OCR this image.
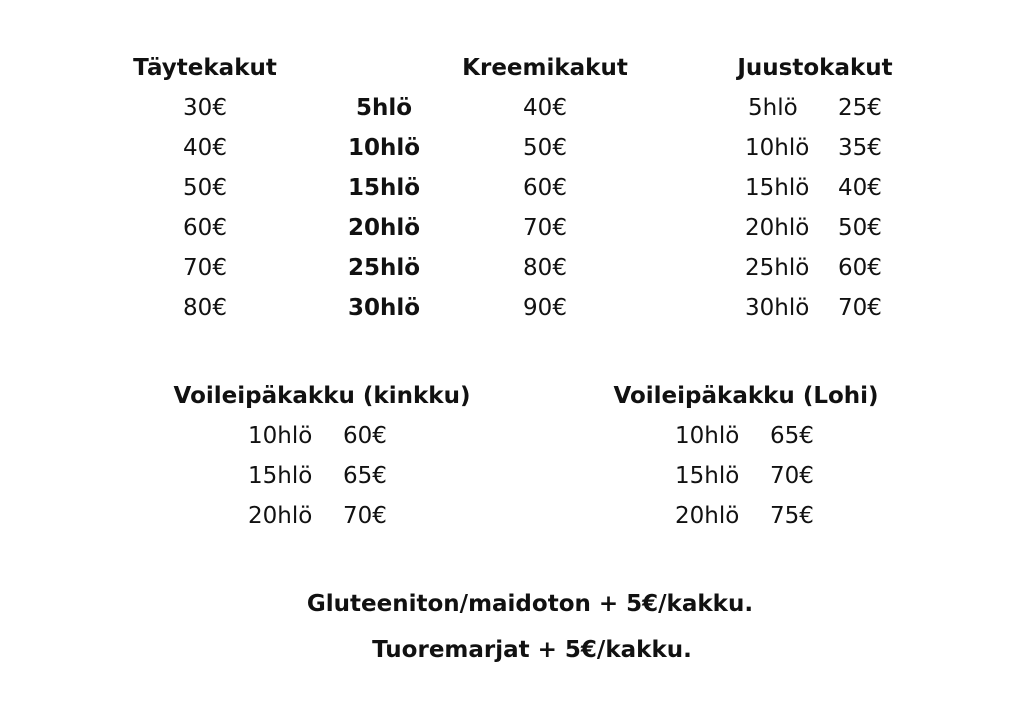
Täytekakut
30€
40€
50€
60€
70€
80€
5hlö
10hlö
15hlö
20hlö
25hlö
30hlö
Kreemikakut
40€
50€
60€
70€
80€
90€
Juustokakut
5hlö
10hlö
15hlö
20hlö
25hlö
30hlö
25€
35€
40€
50€
60€
70€
Voileipäkakku (kinkku)
10hlö
15hlö
20hlö
60€
65€
70€
Voileipäkakku (Lohi)
10hlö
15hlö
20hlö
65€
70€
75€
Gluteeniton/maidoton + 5€/kakku.
Tuoremarjat + 5€/kakku.
